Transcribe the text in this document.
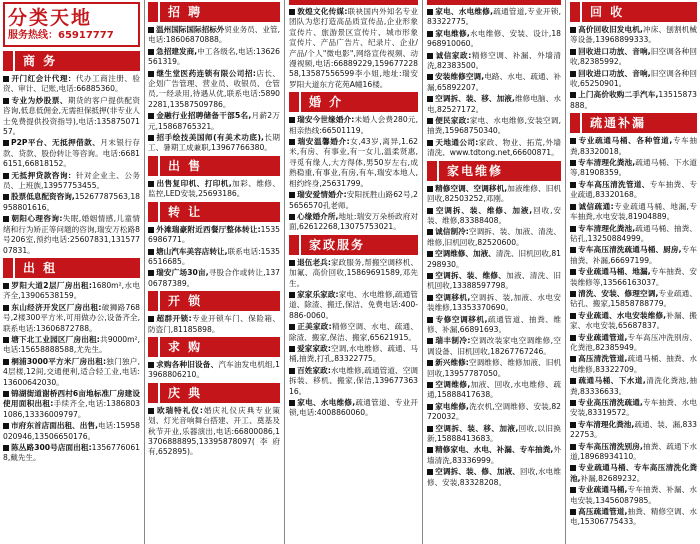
分类天地
服务热线：65917777
商 务
开门红会计代理：代办工商注册、验资、审计、记账,电话:66885360。
专业为炒股票、期货的客户提供配资咨询,低息低佣金,无需担保抵押(非专业人士免费提供投资指导),电话:13587507157。
P2P平台、无抵押借款、月末银行存款、贷款、股份转让等咨询。电话:66816151,66818152。
无抵押贷款咨询：针对企业主、公务员、上班族,13957753455。
股票低息配资咨询,15267787563,18958801616。
朝阳心理咨询:失眠,婚姻情感,儿童情绪和行为矫正等问题的咨询,瑞安万松路8号206室,预约电话:25607831,13157707831。
出 租
罗阳大道2层厂房出租:1680m²,水电齐全,13906538159。
东山经济开发区厂房出租:破狮路768号,2楼300平方米,可用做办公,设备齐全,联系电话:13606872788。
塘下北工业园区厂房出租:共9000m²,电话:15658888588,尤先生。
桐浦3000平方米厂房出租:独门独户,4层楼,12间,交通便利,适合轻工业,电话:13600642030。
锦湖街道谢桥西村6亩地标准厂房建设使用面积出租:手续齐全,电话:13868031086,13336009797。
市府东首店面出租、出售,电话:15958020946,13506650176。
陈丛路300号店面出租:13567760618,戴先生。
招 聘
温州国际国际招标外贸业务员、业管,电话:18606870888。
急招建发商,中工各级名,电话:13626561319。
继生堂医药连锁有限公司招:店长、企划广告管理、营业员、收银员、仓管员,一经录用,待遇从优,联系电话:58902281,13587509786。
金融行业招聘储备干部5名,月薪2万元,15868765321。
招手绘技美国师(有美术功底),长期工、暑期工成兼职,13967766380。
出 售
出售复印机、打印机,加彩、维修、监控,LED安装,25693186。
转 让
外滩瑞豪附近西餐厅整体转让:15356986771。
塘山汽车美容店转让,联系电话:15356516685。
瑞安广场30亩,寻股合作或转让,13706787389。
开 锁
超群开锁:专业开锁车门、保险箱、防盗门,81185898。
求 购
求购各种旧设备、汽车油发电机组,13968806210。
庆 典
欧瑞特礼仪:婚庆礼仪庆典专业策划、灯光音响舞台搭建、开工、奠基及秋节开业,乐器演出,电话:66800086,13706888895,13395878097(李府有,652895)。
敦煌文化传媒:联袂国内外知名专业团队为您打造高品质宣传品,企业形象宣传片、旅游景区宣传片、城市形象宣传片、产品广告片、纪录片、企业/产品/个人"微电影",网络宣传视频、动漫视频,电话:66889229,15967722858,13587556599李小姐,地址:瑞安罗阳大道东方花苑A幢16楼。
婚 介
瑞安今世缘婚介:未婚人会费280元,相亲热线:66501119。
瑞安温馨婚介:女,43岁,离异,1.62米,有房、有事业,有一女儿,温柔贤惠,寻觅有缘人,大方得体,男50岁左右,成熟稳重,有事业,有房,有车,瑞安本地人,相约终身,25631799。
瑞安爱情婚介:安阳抚胜山路62号,25656570孔老师。
心缘婚介所,地址:瑞安万朵桥政府对面,62612268,13075753021。
家政服务
退伍老兵:家政服务,帮搬空调移机、加氟、高价回收,15869691589,邓先生。
家家乐家政:家电、水电维修,疏通管道、除渣、搬迁,保洁、免费电话:400-886-0060。
正美家政:精修空调、水电、疏通、除渣、搬家,保洁、搬家,65621915。
爱家家政:空调,水电维修、疏通、马桶,抽粪,打孔,83322775。
百姓家政:水电维修,疏通管道、空调拆装、移机、搬家,保洁,13967736316。
家电、水电维修,疏通管道、专业开锁,电话:4008860060。
家电、水电维修,疏通管道,专业开锁,83322775。
家电维修,水电维修、安装、设计,18968910060。
诚信家政:精修空调、补漏、外墙清洗,82383500。
安装维修空调,电路、水电、疏通、补漏,65892207。
空调拆、装、移、加液,维修电脑、水电,82527172。
便民家政:家电、水电维修,安装空调,抽粪,15968750340。
天地通公司:家政、物业、拓荒,外墙清洗、www.tdtong.net,66600871。
家电维修
精修空调、空调移机,加液维修、旧机回收,82503252,邓刚。
空调拆、装、维修、加液,回收,安装、维修,83388408。
诚信制冷:空调拆、装、加液、清洗、维修,旧机回收,82520600。
空调维修、加液、清洗、旧机回收,81298930。
空调拆、装、维修、加液、清洗、旧机回收,13388597798。
空调移机,空调拆、装,加液、水电安装维修,13353370690。
专修空调移机,疏通管道、抽粪、维修、补漏,66891693。
瑞丰制冷:空调改装家电空调维修,空调设备、旧机回收,18267767246。
新兴维修:空调维修、维修加液、旧机回收,13957787050。
空调维修,加液、回收,水电维修、疏通,15888417638。
家电维修,洗衣机,空调维修、安装,82720032。
空调拆、装、移、加液,回收,以旧换新,15888413683。
精修家电、水电、补漏、专车抽粪,外墙清洗,83336999。
空调拆、装、修、加液、回收,水电维修、安装,83328208。
回 收
高价回收旧发电机,冲床、刨割机械等设备,13968899333。
回收进口功放、音响,旧空调各种回收,82385992。
回收进口功放、音响,旧空调各种回收,65250901。
上门高价收购二手汽车,13515873888。
疏通补漏
专业疏通马桶、各种管道,专车抽粪,83320018。
专车清理化粪池,疏通马桶、下水道等,81908359。
专车高压清洗管道、专车抽粪、专业疏通,83320168。
诚信疏通:专业疏通马桶、地漏,专车抽粪,水电安装,81904889。
专车清理化粪池,疏通马桶、抽粪、钻孔,13250884999。
专车高压清洗疏通马桶、厨房,专车抽粪、补漏,66697199。
专业疏通马桶、地漏,专车抽粪、安装维修等,13566163037。
清洗、安装、修理空调,专业疏通、钻孔、搬家,15858788779。
专业疏通、水电安装维修,补漏、搬家、水电安装,65687837。
专业疏通管道,专车高压冲洗别房、化粪池,82385949。
高压清洗管道,疏通马桶、抽粪、水电维修,83322709。
疏通马桶、下水道,清洗化粪池,抽粪,83336633。
专业高压清洗疏通,专车抽粪、水电安装,83319572。
专车清理化粪池,疏通、装、漏,83322753。
专车高压清洗别房,抽粪、疏通下水道,18968934110。
专业疏通马桶、专车高压清洗化粪池,补漏,82689232。
专业疏通马桶,专车抽粪、补漏、水电安装,13456087985。
高压疏通管道,抽粪、精修空调、水电,15306775433。
